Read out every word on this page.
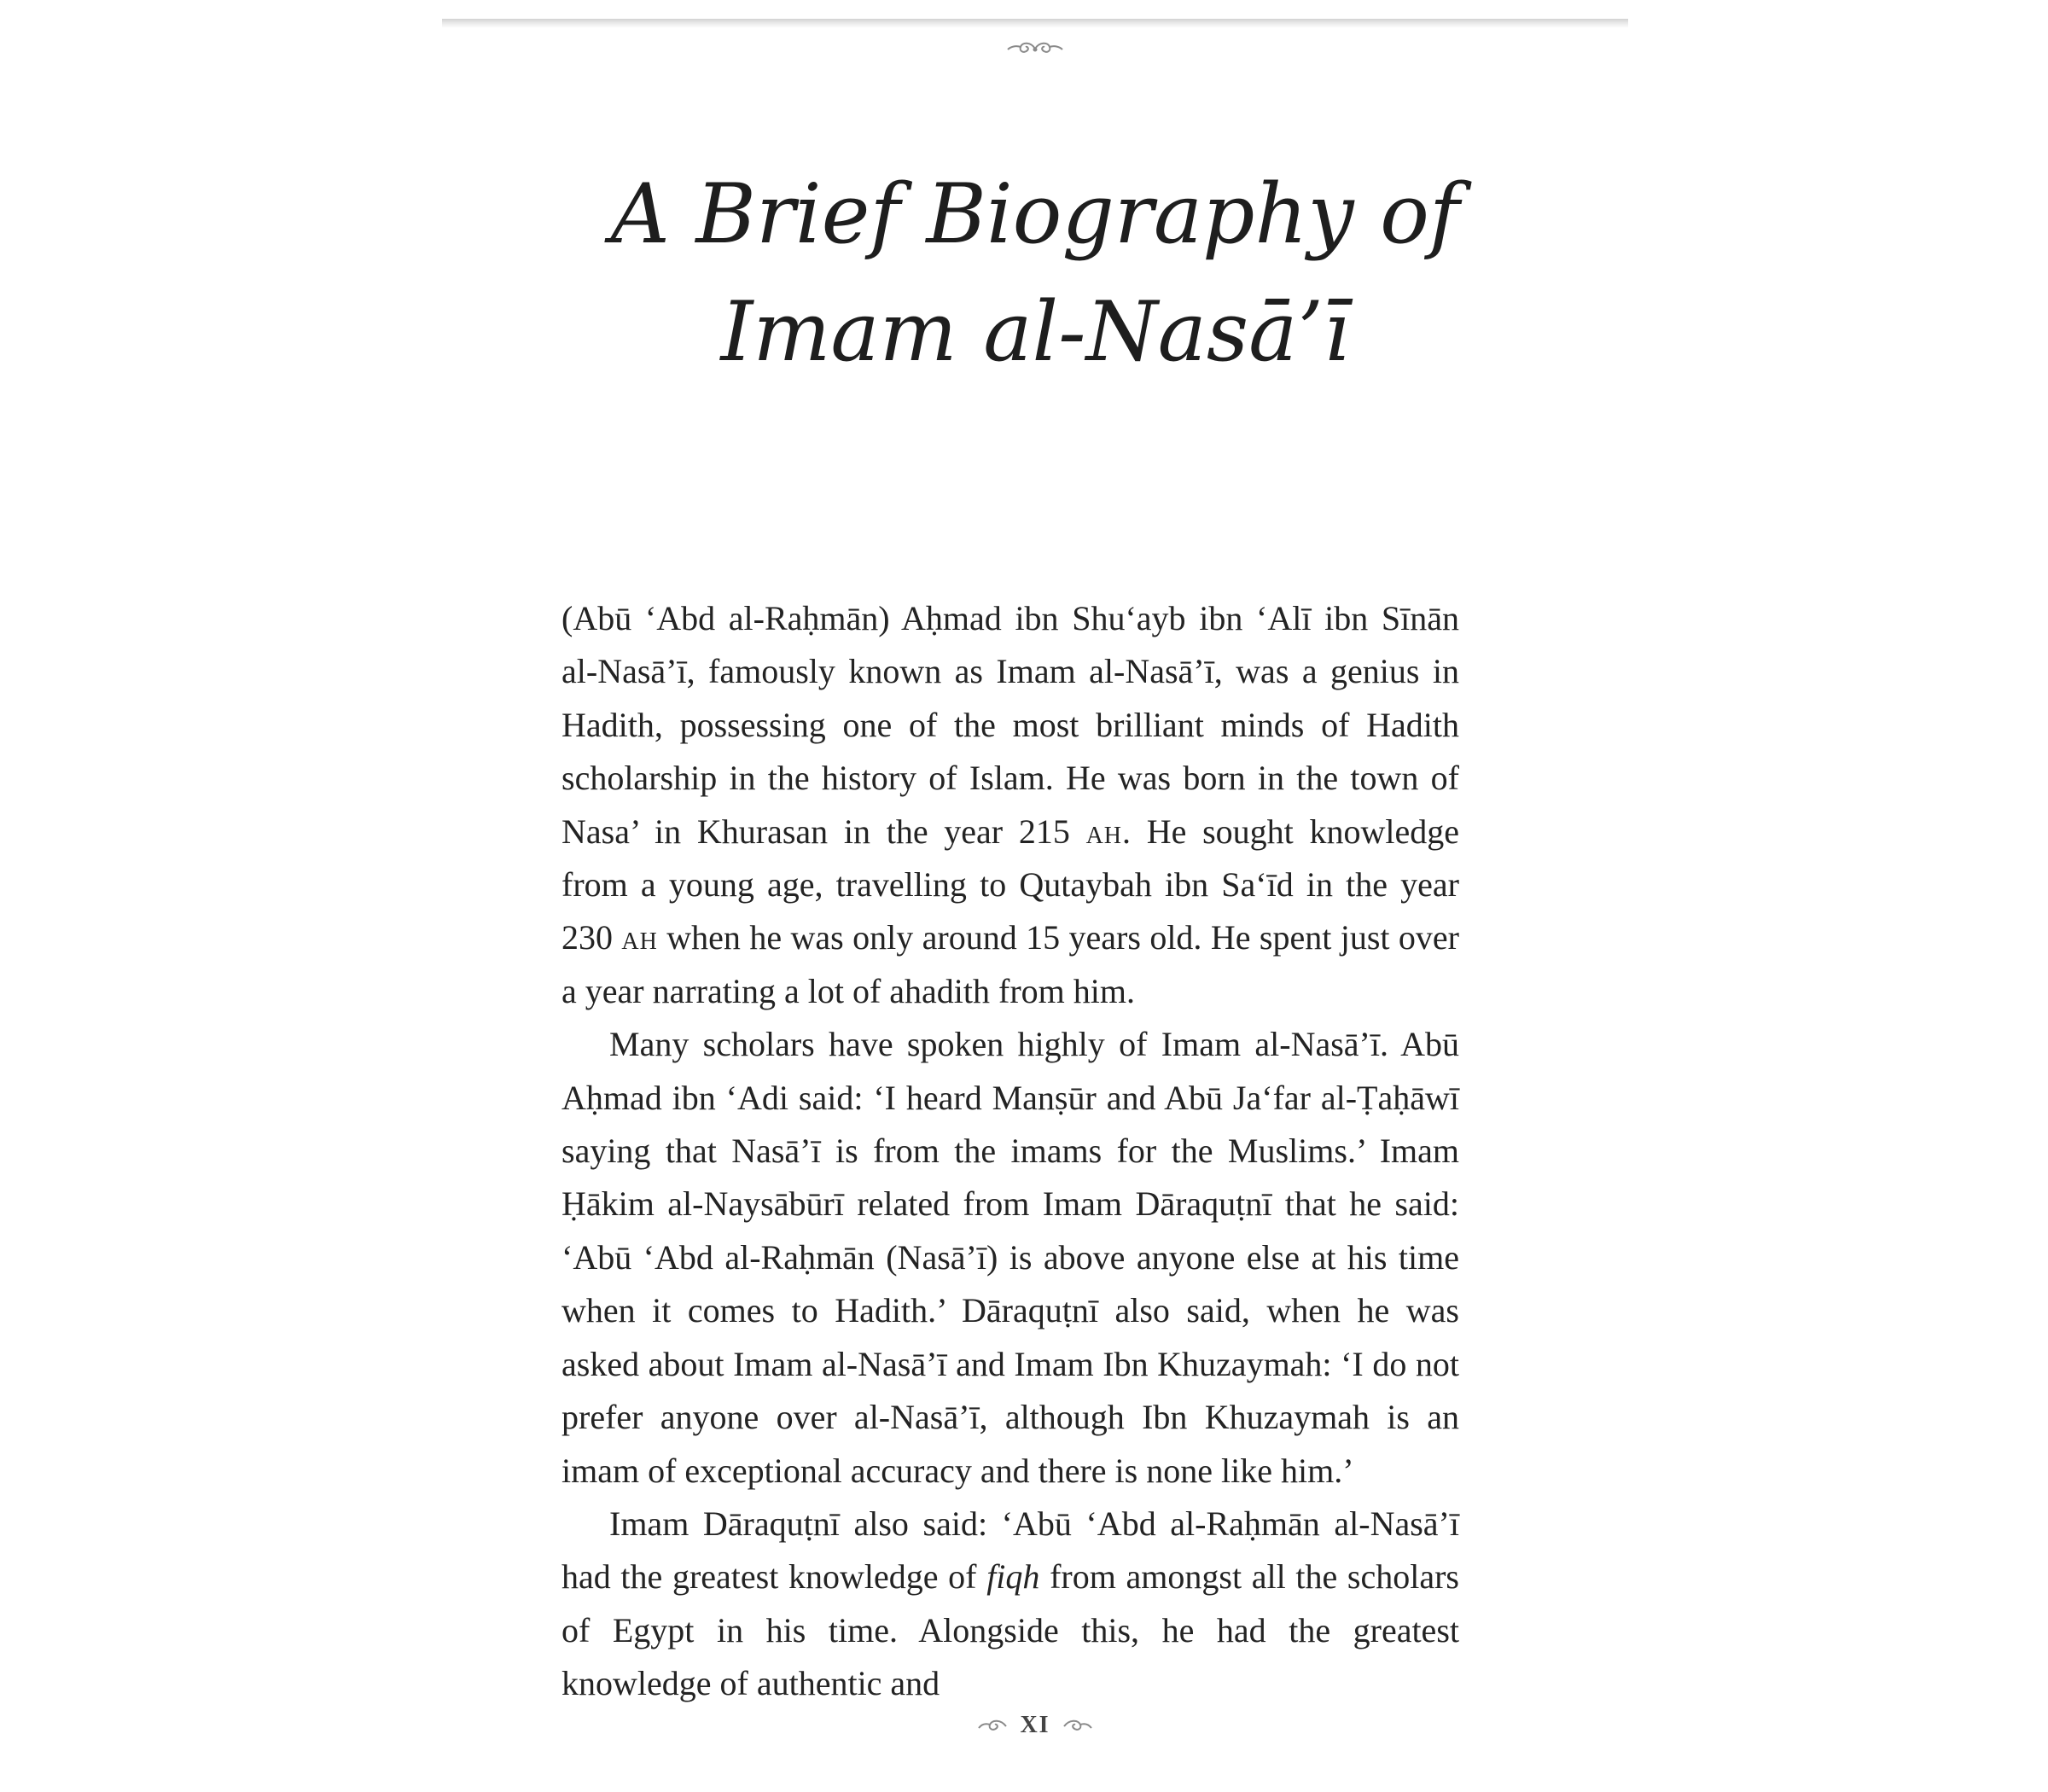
A Brief Biography of
Imam al-Nasā’ī

(Abū ‘Abd al-Raḥmān) Aḥmad ibn Shu‘ayb ibn ‘Alī ibn Sīnān al-Nasā’ī, famously known as Imam al-Nasā’ī, was a genius in Hadith, possessing one of the most brilliant minds of Hadith scholarship in the history of Islam. He was born in the town of Nasa’ in Khurasan in the year 215 ah. He sought knowledge from a young age, travelling to Qutaybah ibn Sa‘īd in the year 230 ah when he was only around 15 years old. He spent just over a year narrating a lot of ahadith from him.

Many scholars have spoken highly of Imam al-Nasā’ī. Abū Aḥmad ibn ‘Adi said: ‘I heard Manṣūr and Abū Ja‘far al-Ṭaḥāwī saying that Nasā’ī is from the imams for the Muslims.’ Imam Ḥākim al-Naysābūrī related from Imam Dāraquṭnī that he said: ‘Abū ‘Abd al-Raḥmān (Nasā’ī) is above anyone else at his time when it comes to Hadith.’ Dāraquṭnī also said, when he was asked about Imam al-Nasā’ī and Imam Ibn Khuzaymah: ‘I do not prefer anyone over al-Nasā’ī, although Ibn Khuzaymah is an imam of exceptional accuracy and there is none like him.’

Imam Dāraquṭnī also said: ‘Abū ‘Abd al-Raḥmān al-Nasā’ī had the greatest knowledge of fiqh from amongst all the scholars of Egypt in his time. Alongside this, he had the greatest knowledge of authentic and

XI
